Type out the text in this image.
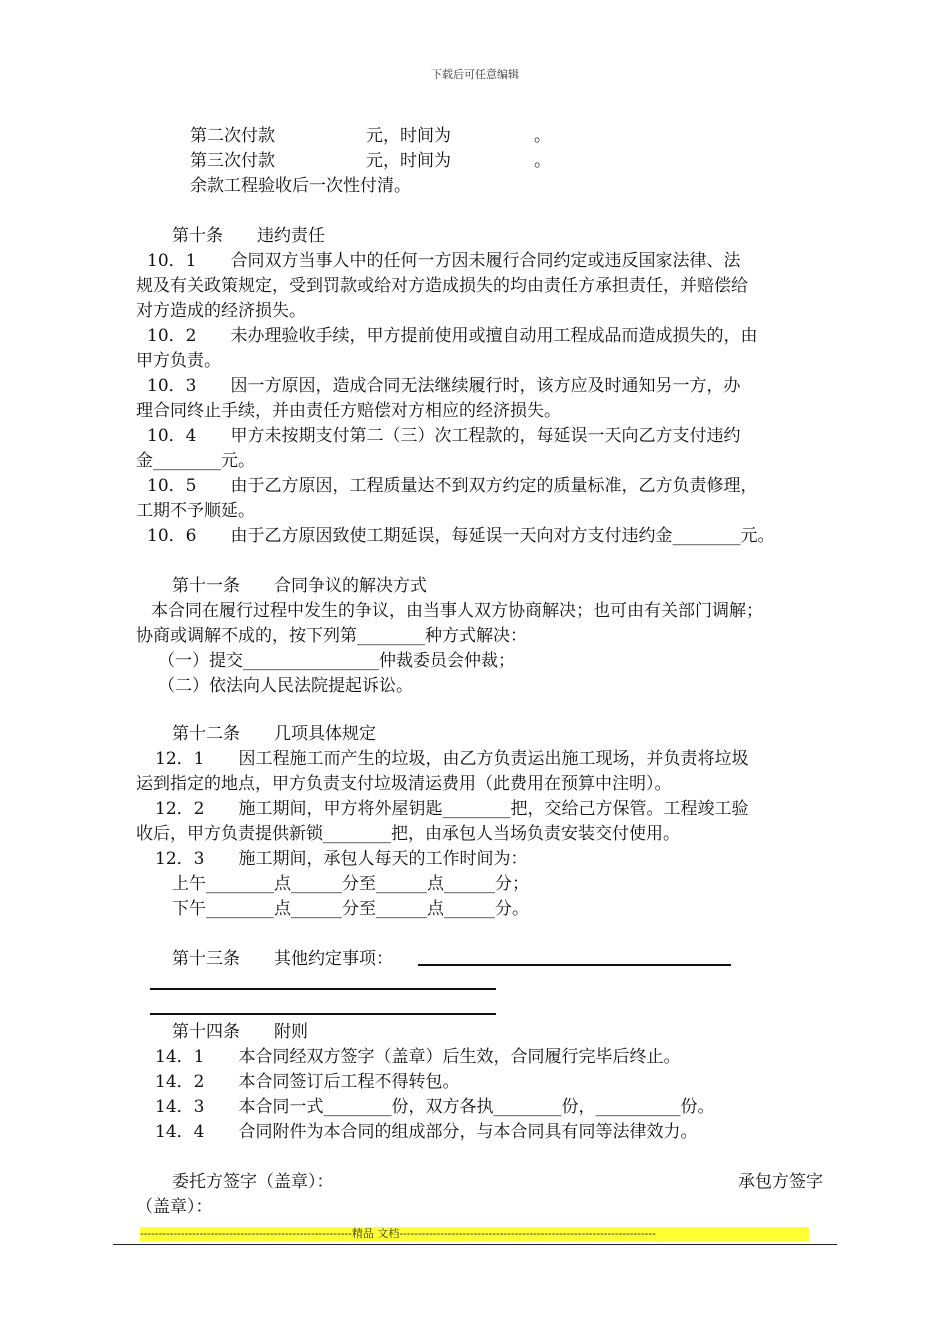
下载后可任意编辑
第二次付款	元，时间为	。
第三次付款	元，时间为	。
余款工程验收后一次性付清。
第十条　　违约责任
10．1　　合同双方当事人中的任何一方因未履行合同约定或违反国家法律、法
规及有关政策规定，受到罚款或给对方造成损失的均由责任方承担责任，并赔偿给
对方造成的经济损失。
10．2　　未办理验收手续，甲方提前使用或擅自动用工程成品而造成损失的，由
甲方负责。
10．3　　因一方原因，造成合同无法继续履行时，该方应及时通知另一方，办
理合同终止手续，并由责任方赔偿对方相应的经济损失。
10．4　　甲方未按期支付第二（三）次工程款的，每延误一天向乙方支付违约
金________元。
10．5　　由于乙方原因，工程质量达不到双方约定的质量标准，乙方负责修理，
工期不予顺延。
10．6　　由于乙方原因致使工期延误，每延误一天向对方支付违约金________元。
第十一条　　合同争议的解决方式
本合同在履行过程中发生的争议，由当事人双方协商解决；也可由有关部门调解；
协商或调解不成的，按下列第________种方式解决：
（一）提交________________仲裁委员会仲裁；
（二）依法向人民法院提起诉讼。
第十二条　　几项具体规定
12．1　　因工程施工而产生的垃圾，由乙方负责运出施工现场，并负责将垃圾
运到指定的地点，甲方负责支付垃圾清运费用（此费用在预算中注明）。
12．2　　施工期间，甲方将外屋钥匙________把，交给己方保管。工程竣工验
收后，甲方负责提供新锁________把，由承包人当场负责安装交付使用。
12．3　　施工期间，承包人每天的工作时间为：
上午________点______分至______点______分；
下午________点______分至______点______分。
第十三条　　其他约定事项：
第十四条　　附则
14．1　　本合同经双方签字（盖章）后生效，合同履行完毕后终止。
14．2　　本合同签订后工程不得转包。
14．3　　本合同一式________份，双方各执________份，__________份。
14．4　　合同附件为本合同的组成部分，与本合同具有同等法律效力。
委托方签字（盖章）：	承包方签字
（盖章）：
---------------------------------------------------------精品 文档---------------------------------------------------------------------
